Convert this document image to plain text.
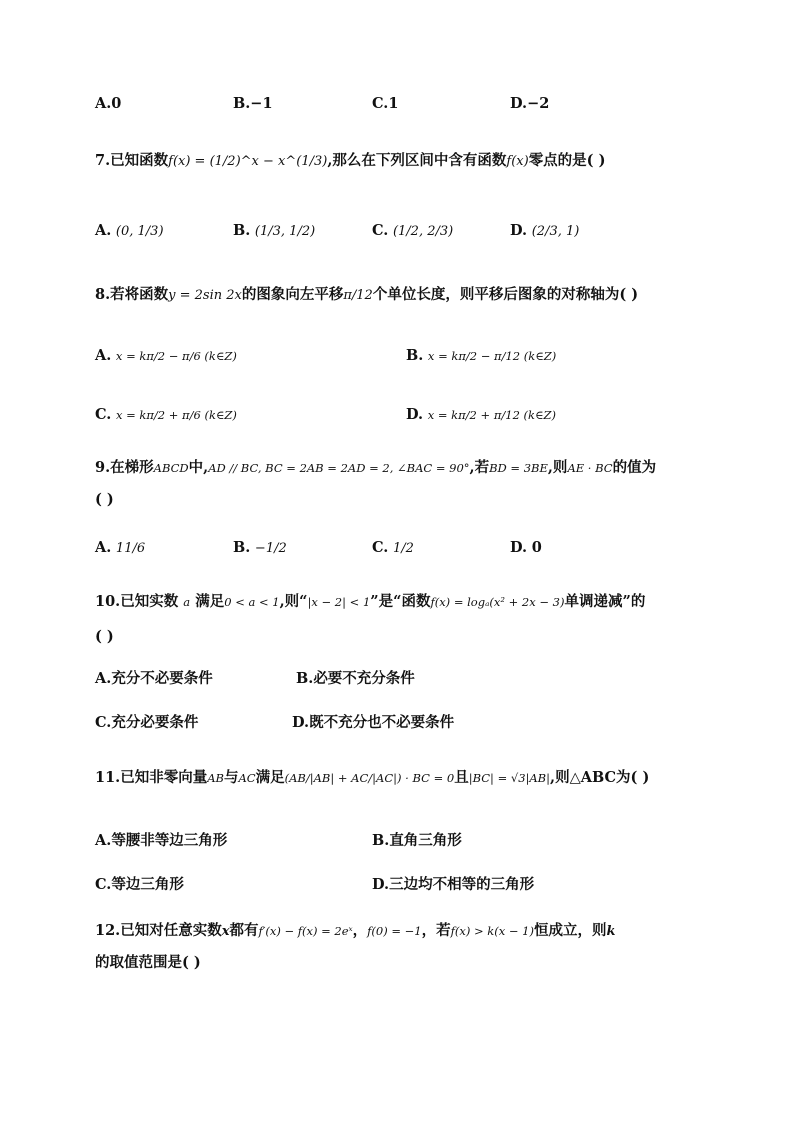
A.0	B.−1	C.1	D.−2
7.已知函数f(x) = (1/2)^x − x^(1/3),那么在下列区间中含有函数f(x)零点的是( )
A. (0, 1/3)	B. (1/3, 1/2)	C. (1/2, 2/3)	D. (2/3, 1)
8.若将函数y = 2sin 2x的图象向左平移π/12个单位长度，则平移后图象的对称轴为( )
A. x = kπ/2 − π/6 (k∈Z)	B. x = kπ/2 − π/12 (k∈Z)
C. x = kπ/2 + π/6 (k∈Z)	D. x = kπ/2 + π/12 (k∈Z)
9.在梯形ABCD中,AD // BC, BC = 2AB = 2AD = 2, ∠BAC = 90°,若BD = 3BE,则AE · BC的值为
( )
A. 11/6	B. −1/2	C. 1/2	D. 0
10.已知实数 a 满足0 < a < 1,则“|x − 2| < 1”是“函数f(x) = logₐ(x² + 2x − 3)单调递减”的
( )
A.充分不必要条件	B.必要不充分条件
C.充分必要条件	D.既不充分也不必要条件
11.已知非零向量AB与AC满足(AB/|AB| + AC/|AC|) · BC = 0且|BC| = √3|AB|,则△ABC为( )
A.等腰非等边三角形	B.直角三角形
C.等边三角形	D.三边均不相等的三角形
12.已知对任意实数x都有f′(x) − f(x) = 2eˣ，f(0) = −1，若f(x) > k(x − 1)恒成立，则k
的取值范围是( )
